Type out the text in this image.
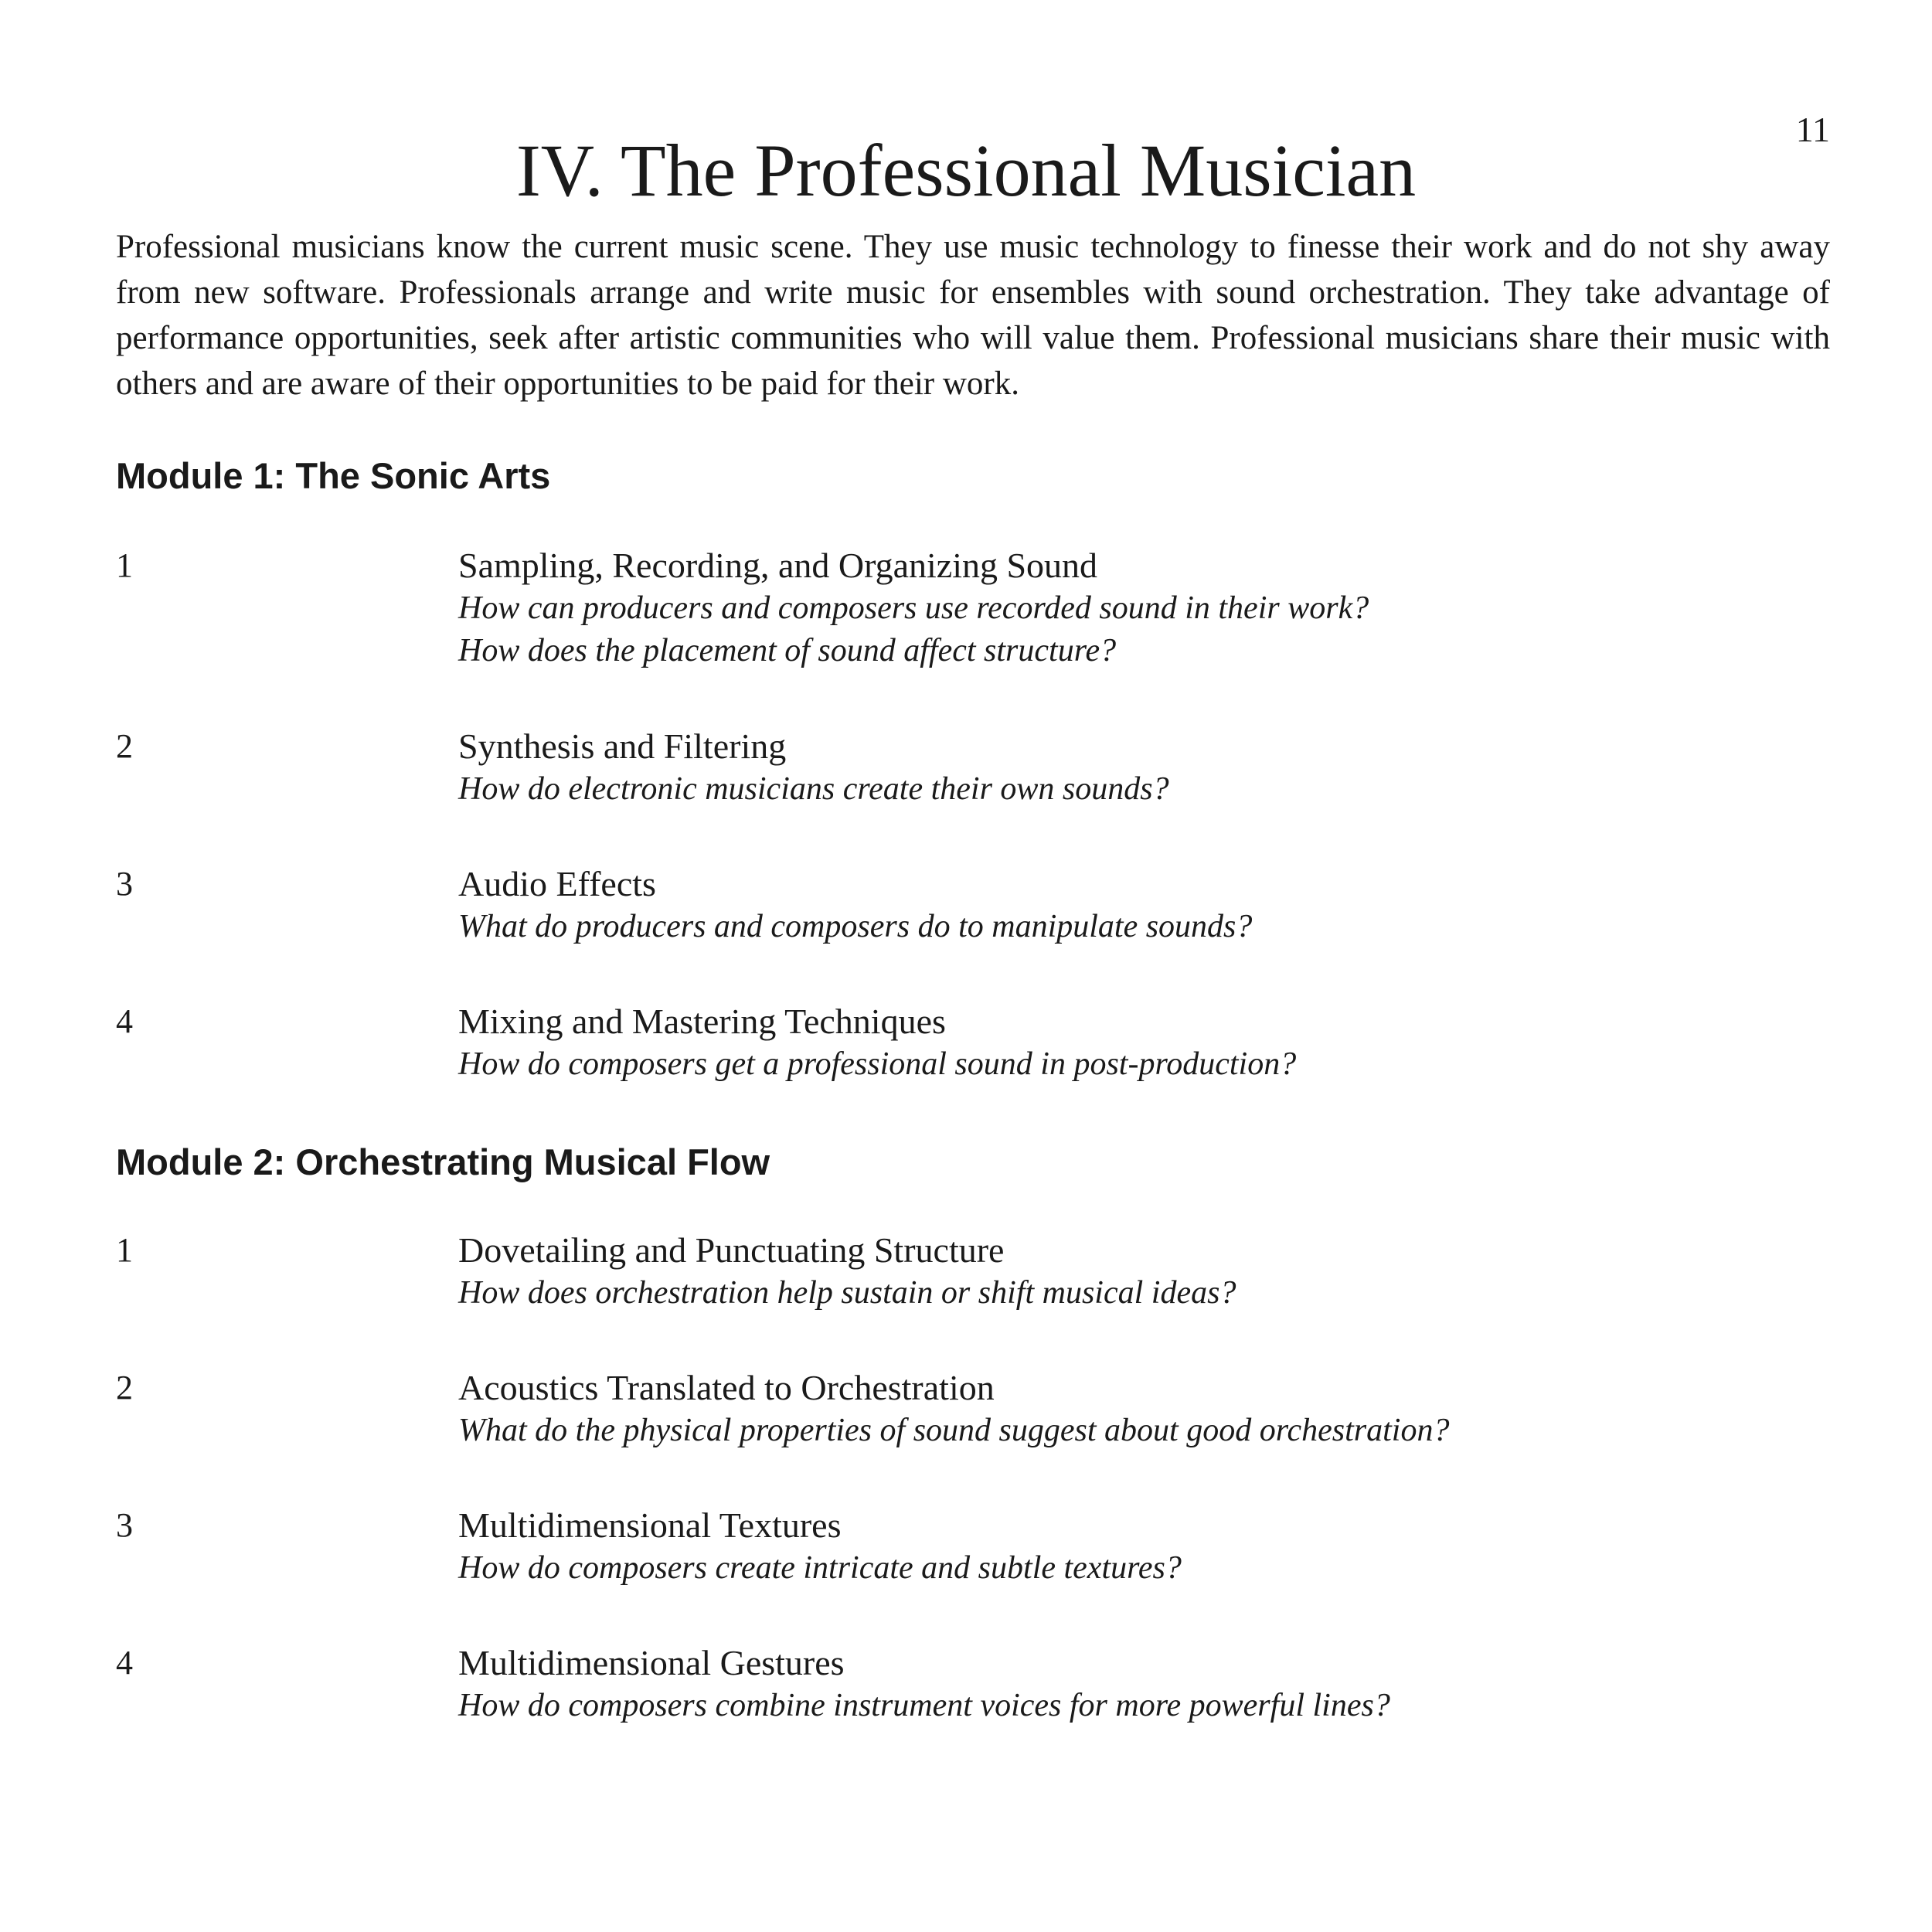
11
IV. The Professional Musician

Professional musicians know the current music scene. They use music technology to finesse their work and do not shy away from new software. Professionals arrange and write music for ensembles with sound orchestration. They take advantage of performance opportunities, seek after artistic communities who will value them. Professional musicians share their music with others and are aware of their opportunities to be paid for their work.

Module 1: The Sonic Arts
1	Sampling, Recording, and Organizing Sound
How can producers and composers use recorded sound in their work?
How does the placement of sound affect structure?
2	Synthesis and Filtering
How do electronic musicians create their own sounds?
3	Audio Effects
What do producers and composers do to manipulate sounds?
4	Mixing and Mastering Techniques
How do composers get a professional sound in post-production?
Module 2: Orchestrating Musical Flow
1	Dovetailing and Punctuating Structure
How does orchestration help sustain or shift musical ideas?
2	Acoustics Translated to Orchestration
What do the physical properties of sound suggest about good orchestration?
3	Multidimensional Textures
How do composers create intricate and subtle textures?
4	Multidimensional Gestures
How do composers combine instrument voices for more powerful lines?
